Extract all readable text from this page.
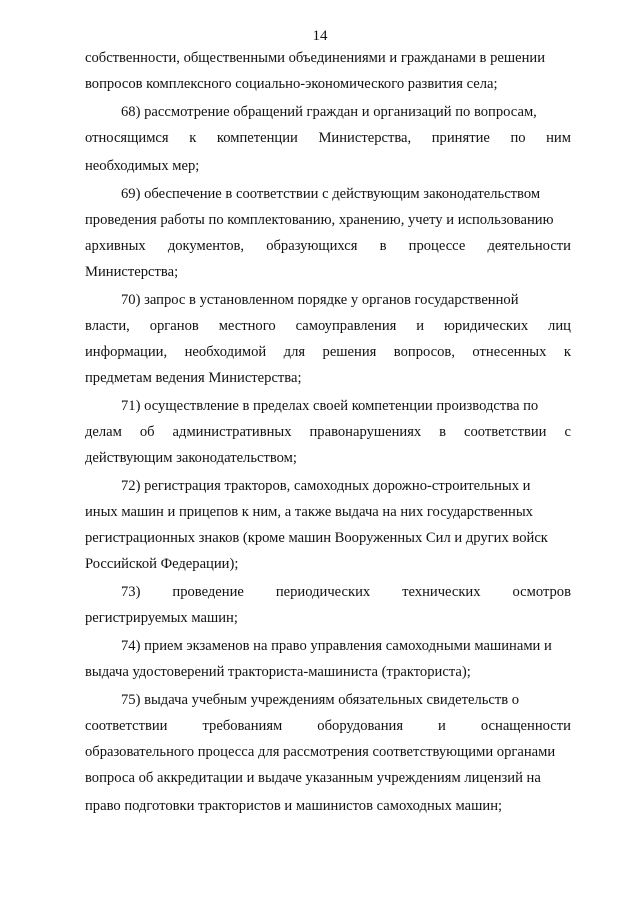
14
собственности, общественными объединениями и гражданами в решении
вопросов комплексного социально-экономического развития села;
68) рассмотрение обращений граждан и организаций по вопросам,
относящимся к компетенции Министерства, принятие по ним
необходимых мер;
69) обеспечение в соответствии с действующим законодательством
проведения работы по комплектованию, хранению, учету и использованию
архивных документов, образующихся в процессе деятельности
Министерства;
70) запрос в установленном порядке у органов государственной
власти, органов местного самоуправления и юридических лиц
информации, необходимой для решения вопросов, отнесенных к
предметам ведения Министерства;
71) осуществление в пределах своей компетенции производства по
делам об административных правонарушениях в соответствии с
действующим законодательством;
72) регистрация тракторов, самоходных дорожно-строительных и
иных машин и прицепов к ним, а также выдача на них государственных
регистрационных знаков (кроме машин Вооруженных Сил и других войск
Российской Федерации);
73) проведение периодических технических осмотров
регистрируемых машин;
74) прием экзаменов на право управления самоходными машинами и
выдача удостоверений тракториста-машиниста (тракториста);
75) выдача учебным учреждениям обязательных свидетельств о
соответствии требованиям оборудования и оснащенности
образовательного процесса для рассмотрения соответствующими органами
вопроса об аккредитации и выдаче указанным учреждениям лицензий на
право подготовки трактористов и машинистов самоходных машин;
